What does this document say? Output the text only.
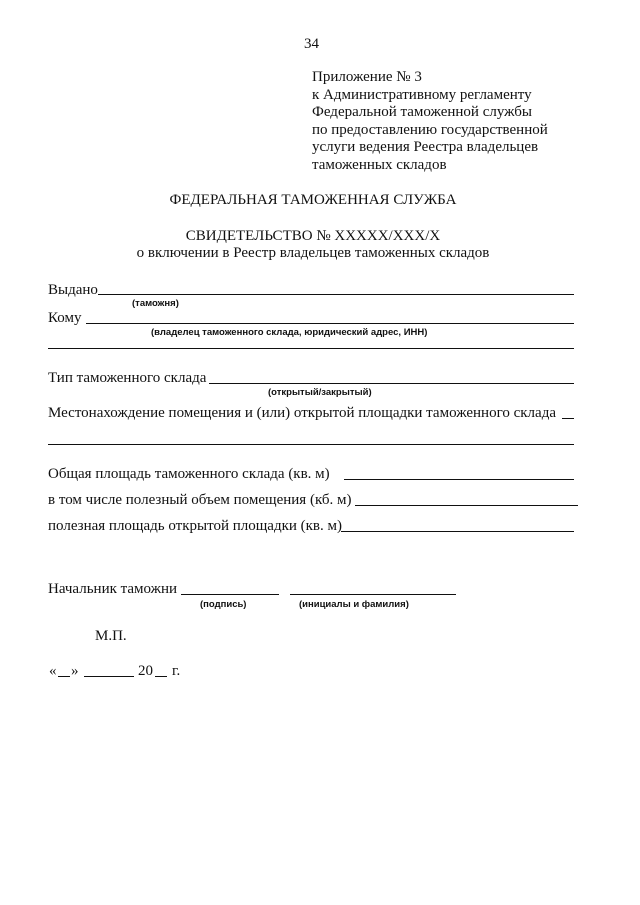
34
Приложение № 3
к Административному регламенту
Федеральной таможенной службы
по предоставлению государственной
услуги ведения Реестра владельцев
таможенных складов
ФЕДЕРАЛЬНАЯ ТАМОЖЕННАЯ СЛУЖБА
СВИДЕТЕЛЬСТВО № XXXXX/XXX/X
о включении в Реестр владельцев таможенных складов
Выдано
(таможня)
Кому
(владелец таможенного склада, юридический адрес, ИНН)
Тип таможенного склада
(открытый/закрытый)
Местонахождение помещения и (или) открытой площадки таможенного склада
Общая площадь таможенного склада (кв. м)
в том числе полезный объем помещения (кб. м)
полезная площадь открытой площадки (кв. м)
Начальник таможни
(подпись)	(инициалы и фамилия)
М.П.
« »	20 г.
